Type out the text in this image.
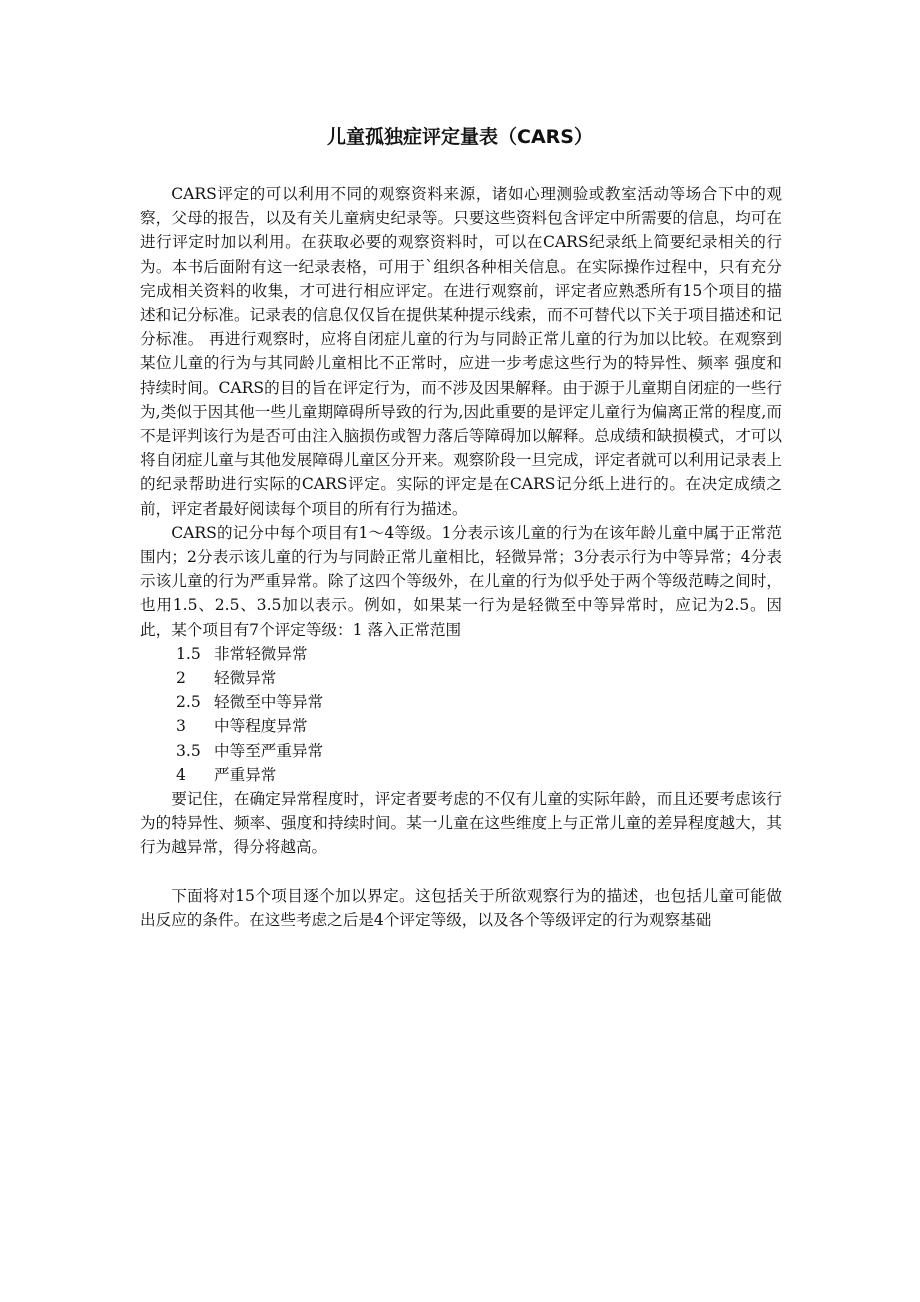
儿童孤独症评定量表（CARS）

CARS评定的可以利用不同的观察资料来源，诸如心理测验或教室活动等场合下中的观察，父母的报告，以及有关儿童病史纪录等。只要这些资料包含评定中所需要的信息，均可在进行评定时加以利用。在获取必要的观察资料时，可以在CARS纪录纸上简要纪录相关的行为。本书后面附有这一纪录表格，可用于`组织各种相关信息。在实际操作过程中，只有充分完成相关资料的收集，才可进行相应评定。在进行观察前，评定者应熟悉所有15个项目的描述和记分标准。记录表的信息仅仅旨在提供某种提示线索，而不可替代以下关于项目描述和记分标准。 再进行观察时，应将自闭症儿童的行为与同龄正常儿童的行为加以比较。在观察到某位儿童的行为与其同龄儿童相比不正常时，应进一步考虑这些行为的特异性、频率 强度和持续时间。CARS的目的旨在评定行为，而不涉及因果解释。由于源于儿童期自闭症的一些行为,类似于因其他一些儿童期障碍所导致的行为,因此重要的是评定儿童行为偏离正常的程度,而不是评判该行为是否可由注入脑损伤或智力落后等障碍加以解释。总成绩和缺损模式，才可以将自闭症儿童与其他发展障碍儿童区分开来。观察阶段一旦完成，评定者就可以利用记录表上的纪录帮助进行实际的CARS评定。实际的评定是在CARS记分纸上进行的。在决定成绩之前，评定者最好阅读每个项目的所有行为描述。

CARS的记分中每个项目有1～4等级。1分表示该儿童的行为在该年龄儿童中属于正常范围内；2分表示该儿童的行为与同龄正常儿童相比，轻微异常；3分表示行为中等异常；4分表示该儿童的行为严重异常。除了这四个等级外，在儿童的行为似乎处于两个等级范畴之间时，也用1.5、2.5、3.5加以表示。例如，如果某一行为是轻微至中等异常时，应记为2.5。因此，某个项目有7个评定等级：1 落入正常范围

1.5 非常轻微异常

2	轻微异常

2.5 轻微至中等异常

3	中等程度异常

3.5 中等至严重异常

4	严重异常

要记住，在确定异常程度时，评定者要考虑的不仅有儿童的实际年龄，而且还要考虑该行为的特异性、频率、强度和持续时间。某一儿童在这些维度上与正常儿童的差异程度越大，其行为越异常，得分将越高。

下面将对15个项目逐个加以界定。这包括关于所欲观察行为的描述，也包括儿童可能做出反应的条件。在这些考虑之后是4个评定等级，以及各个等级评定的行为观察基础
